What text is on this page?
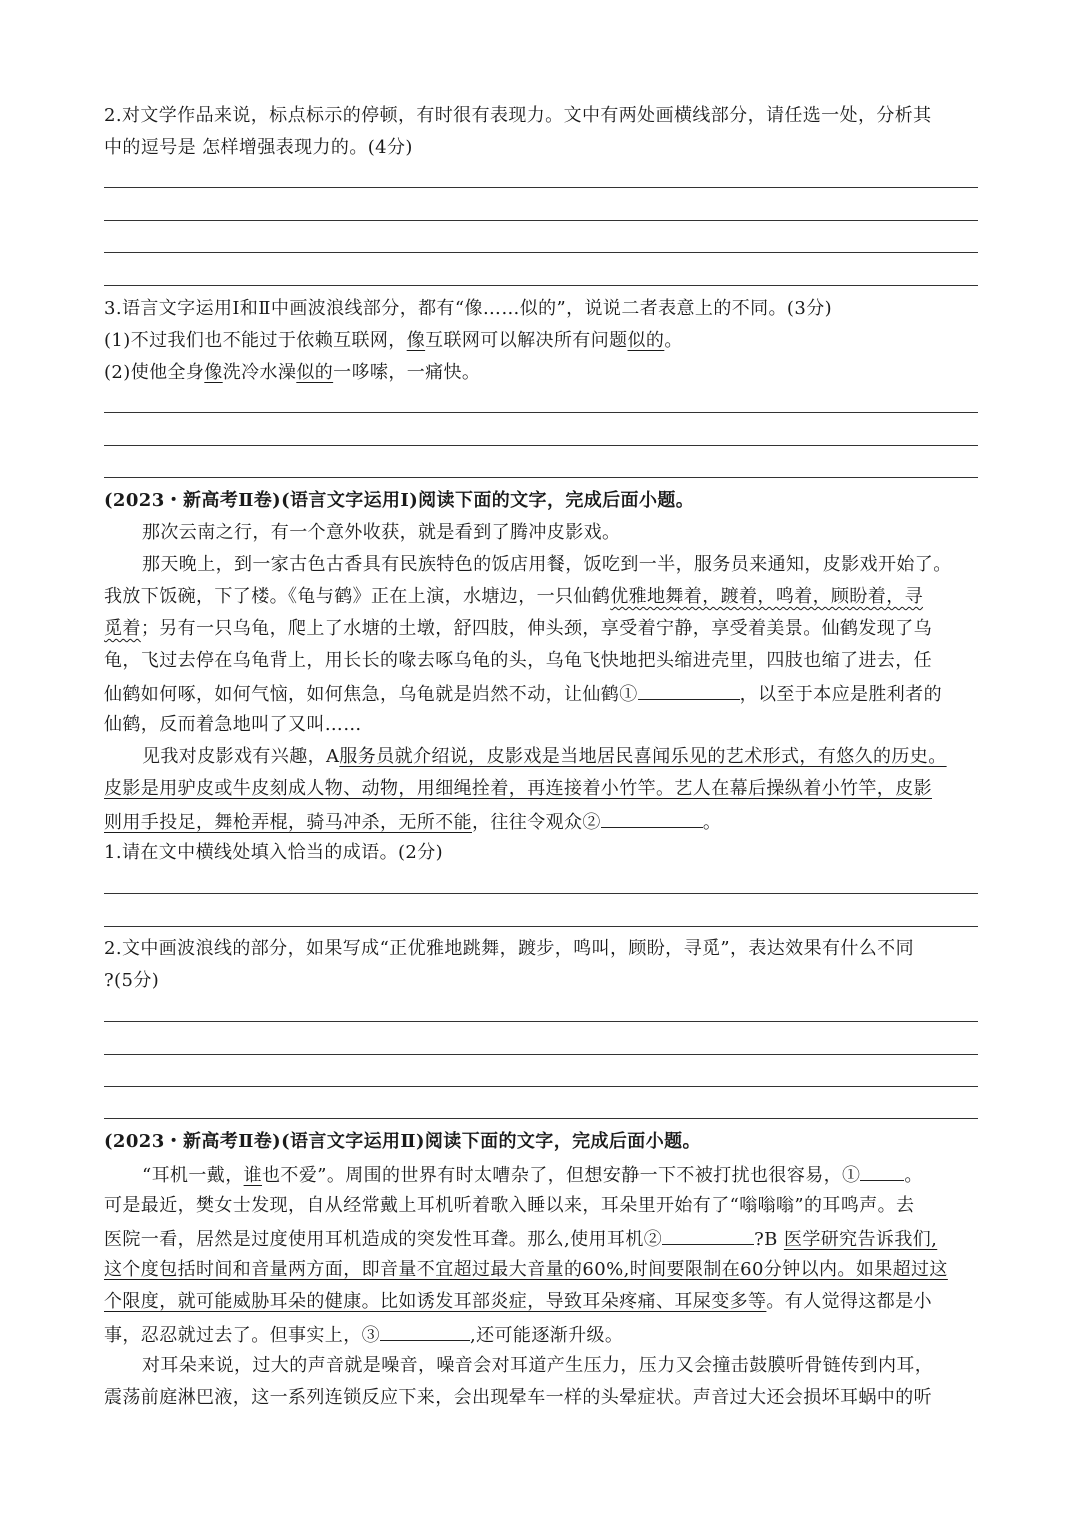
2.对文学作品来说，标点标示的停顿，有时很有表现力。文中有两处画横线部分，请任选一处，分析其
中的逗号是 怎样增强表现力的。(4分)
3.语言文字运用Ⅰ和Ⅱ中画波浪线部分，都有“像……似的”，说说二者表意上的不同。(3分)
(1)不过我们也不能过于依赖互联网，像互联网可以解决所有问题似的。
(2)使他全身像洗冷水澡似的一哆嗦，一痛快。
(2023・新高考Ⅱ卷)(语言文字运用Ⅰ)阅读下面的文字，完成后面小题。
那次云南之行，有一个意外收获，就是看到了腾冲皮影戏。
那天晚上，到一家古色古香具有民族特色的饭店用餐，饭吃到一半，服务员来通知，皮影戏开始了。
我放下饭碗，下了楼。《龟与鹤》正在上演，水塘边，一只仙鹤优雅地舞着，踱着，鸣着，顾盼着，寻
觅着；另有一只乌龟，爬上了水塘的土墩，舒四肢，伸头颈，享受着宁静，享受着美景。仙鹤发现了乌
龟，飞过去停在乌龟背上，用长长的喙去啄乌龟的头，乌龟飞快地把头缩进壳里，四肢也缩了进去，任
仙鹤如何啄，如何气恼，如何焦急，乌龟就是岿然不动，让仙鹤①	，以至于本应是胜利者的
仙鹤，反而着急地叫了又叫……
见我对皮影戏有兴趣，A服务员就介绍说，皮影戏是当地居民喜闻乐见的艺术形式，有悠久的历史。
皮影是用驴皮或牛皮刻成人物、动物，用细绳拴着，再连接着小竹竿。艺人在幕后操纵着小竹竿，皮影
则用手投足，舞枪弄棍，骑马冲杀，无所不能，往往令观众②	。
1.请在文中横线处填入恰当的成语。(2分)
2.文中画波浪线的部分，如果写成“正优雅地跳舞，踱步，鸣叫，顾盼，寻觅”，表达效果有什么不同
?(5分)
(2023・新高考Ⅱ卷)(语言文字运用Ⅱ)阅读下面的文字，完成后面小题。
“耳机一戴，谁也不爱”。周围的世界有时太嘈杂了，但想安静一下不被打扰也很容易，① 。
可是最近，樊女士发现，自从经常戴上耳机听着歌入睡以来，耳朵里开始有了“嗡嗡嗡”的耳鸣声。去
医院一看，居然是过度使用耳机造成的突发性耳聋。那么,使用耳机②	?B 医学研究告诉我们,
这个度包括时间和音量两方面，即音量不宜超过最大音量的60%,时间要限制在60分钟以内。如果超过这
个限度，就可能威胁耳朵的健康。比如诱发耳部炎症，导致耳朵疼痛、耳屎变多等。有人觉得这都是小
事，忍忍就过去了。但事实上，③	,还可能逐渐升级。
对耳朵来说，过大的声音就是噪音，噪音会对耳道产生压力，压力又会撞击鼓膜听骨链传到内耳，
震荡前庭淋巴液，这一系列连锁反应下来，会出现晕车一样的头晕症状。声音过大还会损坏耳蜗中的听
